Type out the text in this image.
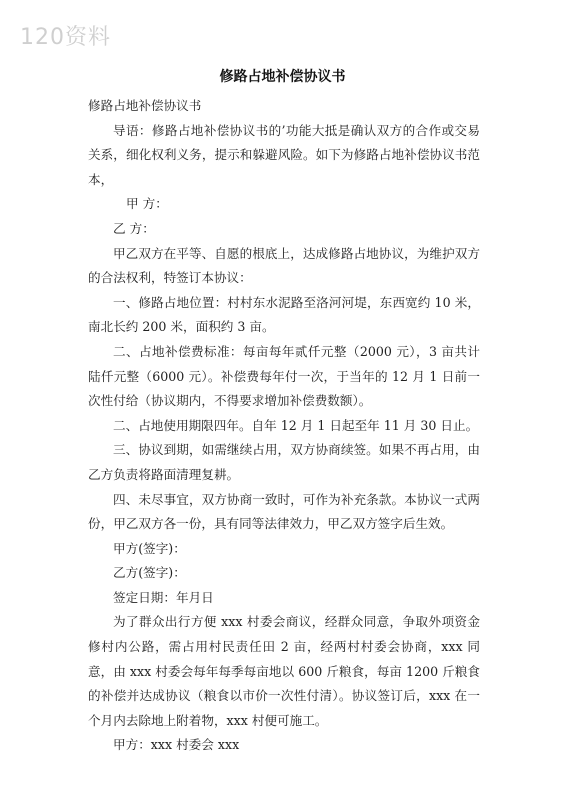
120资料
修路占地补偿协议书

修路占地补偿协议书

导语：修路占地补偿协议书的’功能大抵是确认双方的合作或交易关系，细化权利义务，提示和躲避风险。如下为修路占地补偿协议书范本，

甲 方：

乙 方：

甲乙双方在平等、自愿的根底上，达成修路占地协议，为维护双方的合法权利，特签订本协议：

一、修路占地位置：村村东水泥路至洛河河堤，东西宽约 10 米，南北长约 200 米，面积约 3 亩。

二、占地补偿费标准：每亩每年贰仟元整（2000 元），3 亩共计陆仟元整（6000 元）。补偿费每年付一次，于当年的 12 月 1 日前一次性付给（协议期内，不得要求增加补偿费数额）。

二、占地使用期限四年。自年 12 月 1 日起至年 11 月 30 日止。

三、协议到期，如需继续占用，双方协商续签。如果不再占用，由乙方负责将路面清理复耕。

四、未尽事宜，双方协商一致时，可作为补充条款。本协议一式两份，甲乙双方各一份，具有同等法律效力，甲乙双方签字后生效。

甲方(签字)：

乙方(签字)：

签定日期：年月日

为了群众出行方便 xxx 村委会商议，经群众同意，争取外项资金修村内公路，需占用村民责任田 2 亩，经两村村委会协商，xxx 同意，由 xxx 村委会每年每季每亩地以 600 斤粮食，每亩 1200 斤粮食的补偿并达成协议（粮食以市价一次性付清）。协议签订后，xxx 在一个月内去除地上附着物，xxx 村便可施工。

甲方：xxx 村委会 xxx
